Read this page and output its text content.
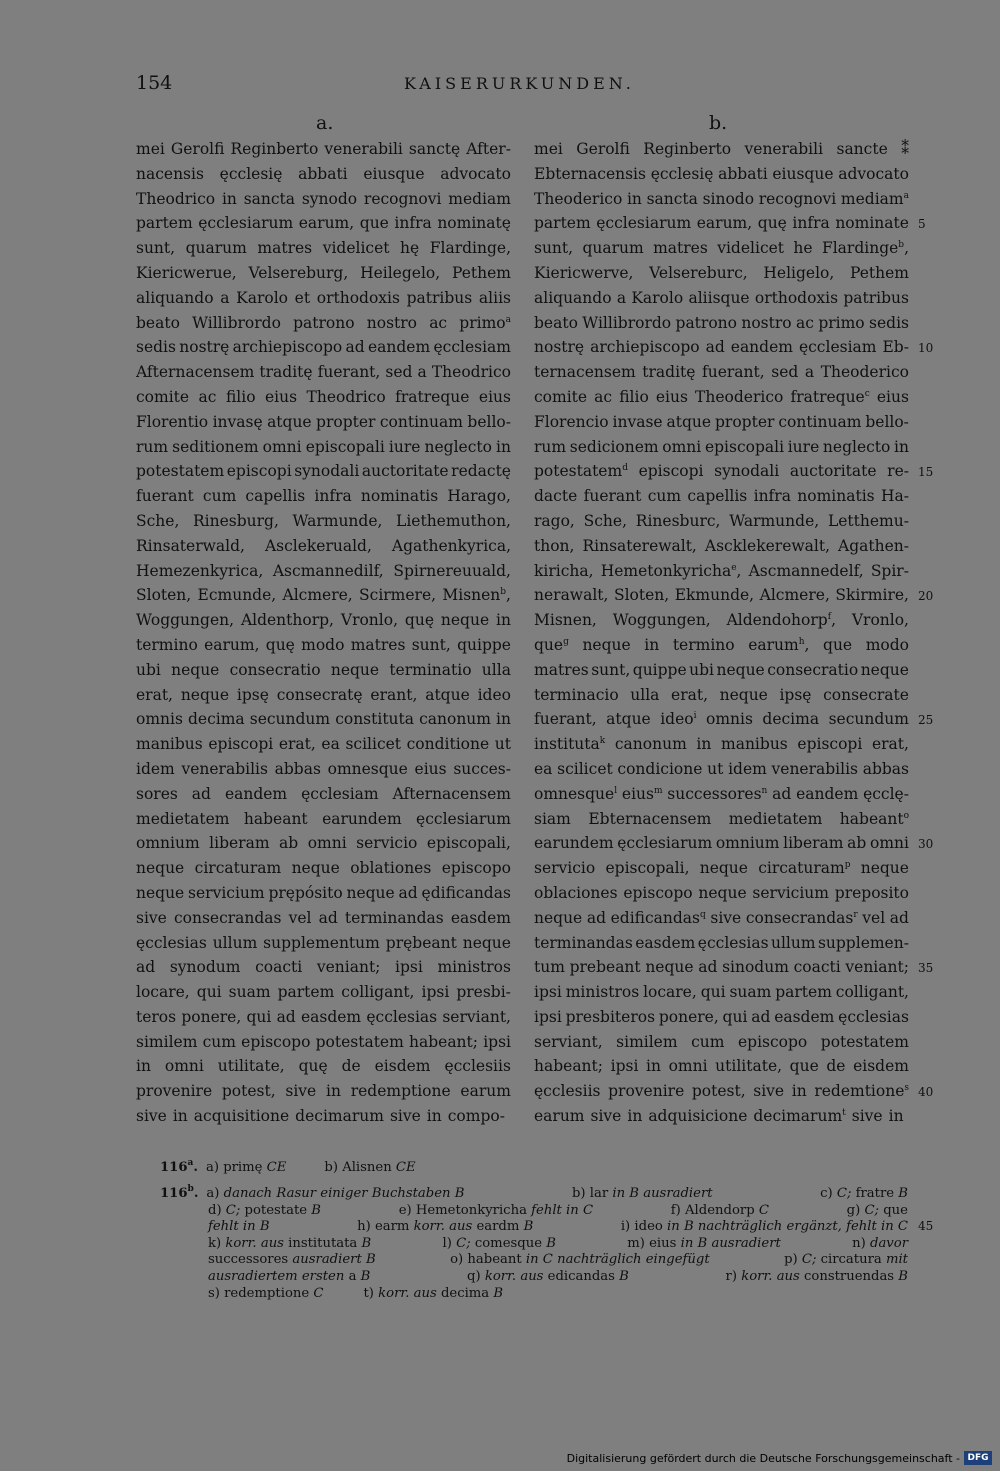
154	KAISERURKUNDEN.
a.	b.
mei Gerolfi Reginberto venerabili sanctę After-
nacensis ęcclesię abbati eiusque advocato
Theodrico in sancta synodo recognovi mediam
partem ęcclesiarum earum, que infra nominatę
sunt, quarum matres videlicet hę Flardinge,
Kiericwerue, Velsereburg, Heilegelo, Pethem
aliquando a Karolo et orthodoxis patribus aliis
beato Willibrordo patrono nostro ac primo$^a$
sedis nostrę archiepiscopo ad eandem ęcclesiam
Afternacensem traditę fuerant, sed a Theodrico
comite ac filio eius Theodrico fratreque eius
Florentio invasę atque propter continuam bello-
rum seditionem omni episcopali iure neglecto in
potestatem episcopi synodali auctoritate redactę
fuerant cum capellis infra nominatis Harago,
Sche, Rinesburg, Warmunde, Liethemuthon,
Rinsaterwald, Asclekeruald, Agathenkyrica,
Hemezenkyrica, Ascmannedilf, Spirnereuuald,
Sloten, Ecmunde, Alcmere, Scirmere, Misnen$^b$,
Woggungen, Aldenthorp, Vronlo, quę neque in
termino earum, quę modo matres sunt, quippe
ubi neque consecratio neque terminatio ulla
erat, neque ipsę consecratę erant, atque ideo
omnis decima secundum constituta canonum in
manibus episcopi erat, ea scilicet conditione ut
idem venerabilis abbas omnesque eius succes-
sores ad eandem ęcclesiam Afternacensem
medietatem habeant earundem ęcclesiarum
omnium liberam ab omni servicio episcopali,
neque circaturam neque oblationes episcopo
neque servicium prępósito neque ad ędificandas
sive consecrandas vel ad terminandas easdem
ęcclesias ullum supplementum prębeant neque
ad synodum coacti veniant; ipsi ministros
locare, qui suam partem colligant, ipsi presbi-
teros ponere, qui ad easdem ęcclesias serviant,
similem cum episcopo potestatem habeant; ipsi
in omni utilitate, quę de eisdem ęcclesiis
provenire potest, sive in redemptione earum
sive in acquisitione decimarum sive in compo-
mei Gerolfi Reginberto venerabili sancte ⁑
Ebternacensis ęcclesię abbati eiusque advocato
Theoderico in sancta sinodo recognovi mediam$^a$
partem ęcclesiarum earum, quę infra nominate
sunt, quarum matres videlicet he Flardinge$^b$,
Kiericwerve, Velsereburc, Heligelo, Pethem
aliquando a Karolo aliisque orthodoxis patribus
beato Willibrordo patrono nostro ac primo sedis
nostrę archiepiscopo ad eandem ęcclesiam Eb-
ternacensem traditę fuerant, sed a Theoderico
comite ac filio eius Theoderico fratreque$^c$ eius
Florencio invase atque propter continuam bello-
rum sedicionem omni episcopali iure neglecto in
potestatem$^d$ episcopi synodali auctoritate re-
dacte fuerant cum capellis infra nominatis Ha-
rago, Sche, Rinesburc, Warmunde, Letthemu-
thon, Rinsaterewalt, Ascklekerewalt, Agathen-
kiricha, Hemetonkyricha$^e$, Ascmannedelf, Spir-
nerawalt, Sloten, Ekmunde, Alcmere, Skirmire,
Misnen, Woggungen, Aldendohorp$^f$, Vronlo,
que$^g$ neque in termino earum$^h$, que modo
matres sunt, quippe ubi neque consecratio neque
terminacio ulla erat, neque ipsę consecrate
fuerant, atque ideo$^i$ omnis decima secundum
instituta$^k$ canonum in manibus episcopi erat,
ea scilicet condicione ut idem venerabilis abbas
omnesque$^l$ eius$^m$ successores$^n$ ad eandem ęcclę-
siam Ebternacensem medietatem habeant$^o$
earundem ęcclesiarum omnium liberam ab omni
servicio episcopali, neque circaturam$^p$ neque
oblaciones episcopo neque servicium preposito
neque ad edificandas$^q$ sive consecrandas$^r$ vel ad
terminandas easdem ęcclesias ullum supplemen-
tum prebeant neque ad sinodum coacti veniant;
ipsi ministros locare, qui suam partem colligant,
ipsi presbiteros ponere, qui ad easdem ęcclesias
serviant, similem cum episcopo potestatem
habeant; ipsi in omni utilitate, que de eisdem
ęcclesiis provenire potest, sive in redemtione$^s$
earum sive in adquisicione decimarum$^t$ sive in
5
10
15
20
25
30
35
40
116$^a$. a) primę CE	b) Alisnen CE
116$^b$. a) danach Rasur einiger Buchstaben B	b) lar in B ausradiert	c) C; fratre B
d) C; potestate B	e) Hemetonkyricha fehlt in C	f) Aldendorp C	g) C; que
fehlt in B	h) earm korr. aus eardm B	i) ideo in B nachträglich ergänzt, fehlt in C
k) korr. aus institutata B	l) C; comesque B	m) eius in B ausradiert	n) davor
successores ausradiert B	o) habeant in C nachträglich eingefügt	p) C; circatura mit
ausradiertem ersten a B	q) korr. aus edicandas B	r) korr. aus construendas B
s) redemptione C	t) korr. aus decima B
45
Digitalisierung gefördert durch die Deutsche Forschungsgemeinschaft - DFG
